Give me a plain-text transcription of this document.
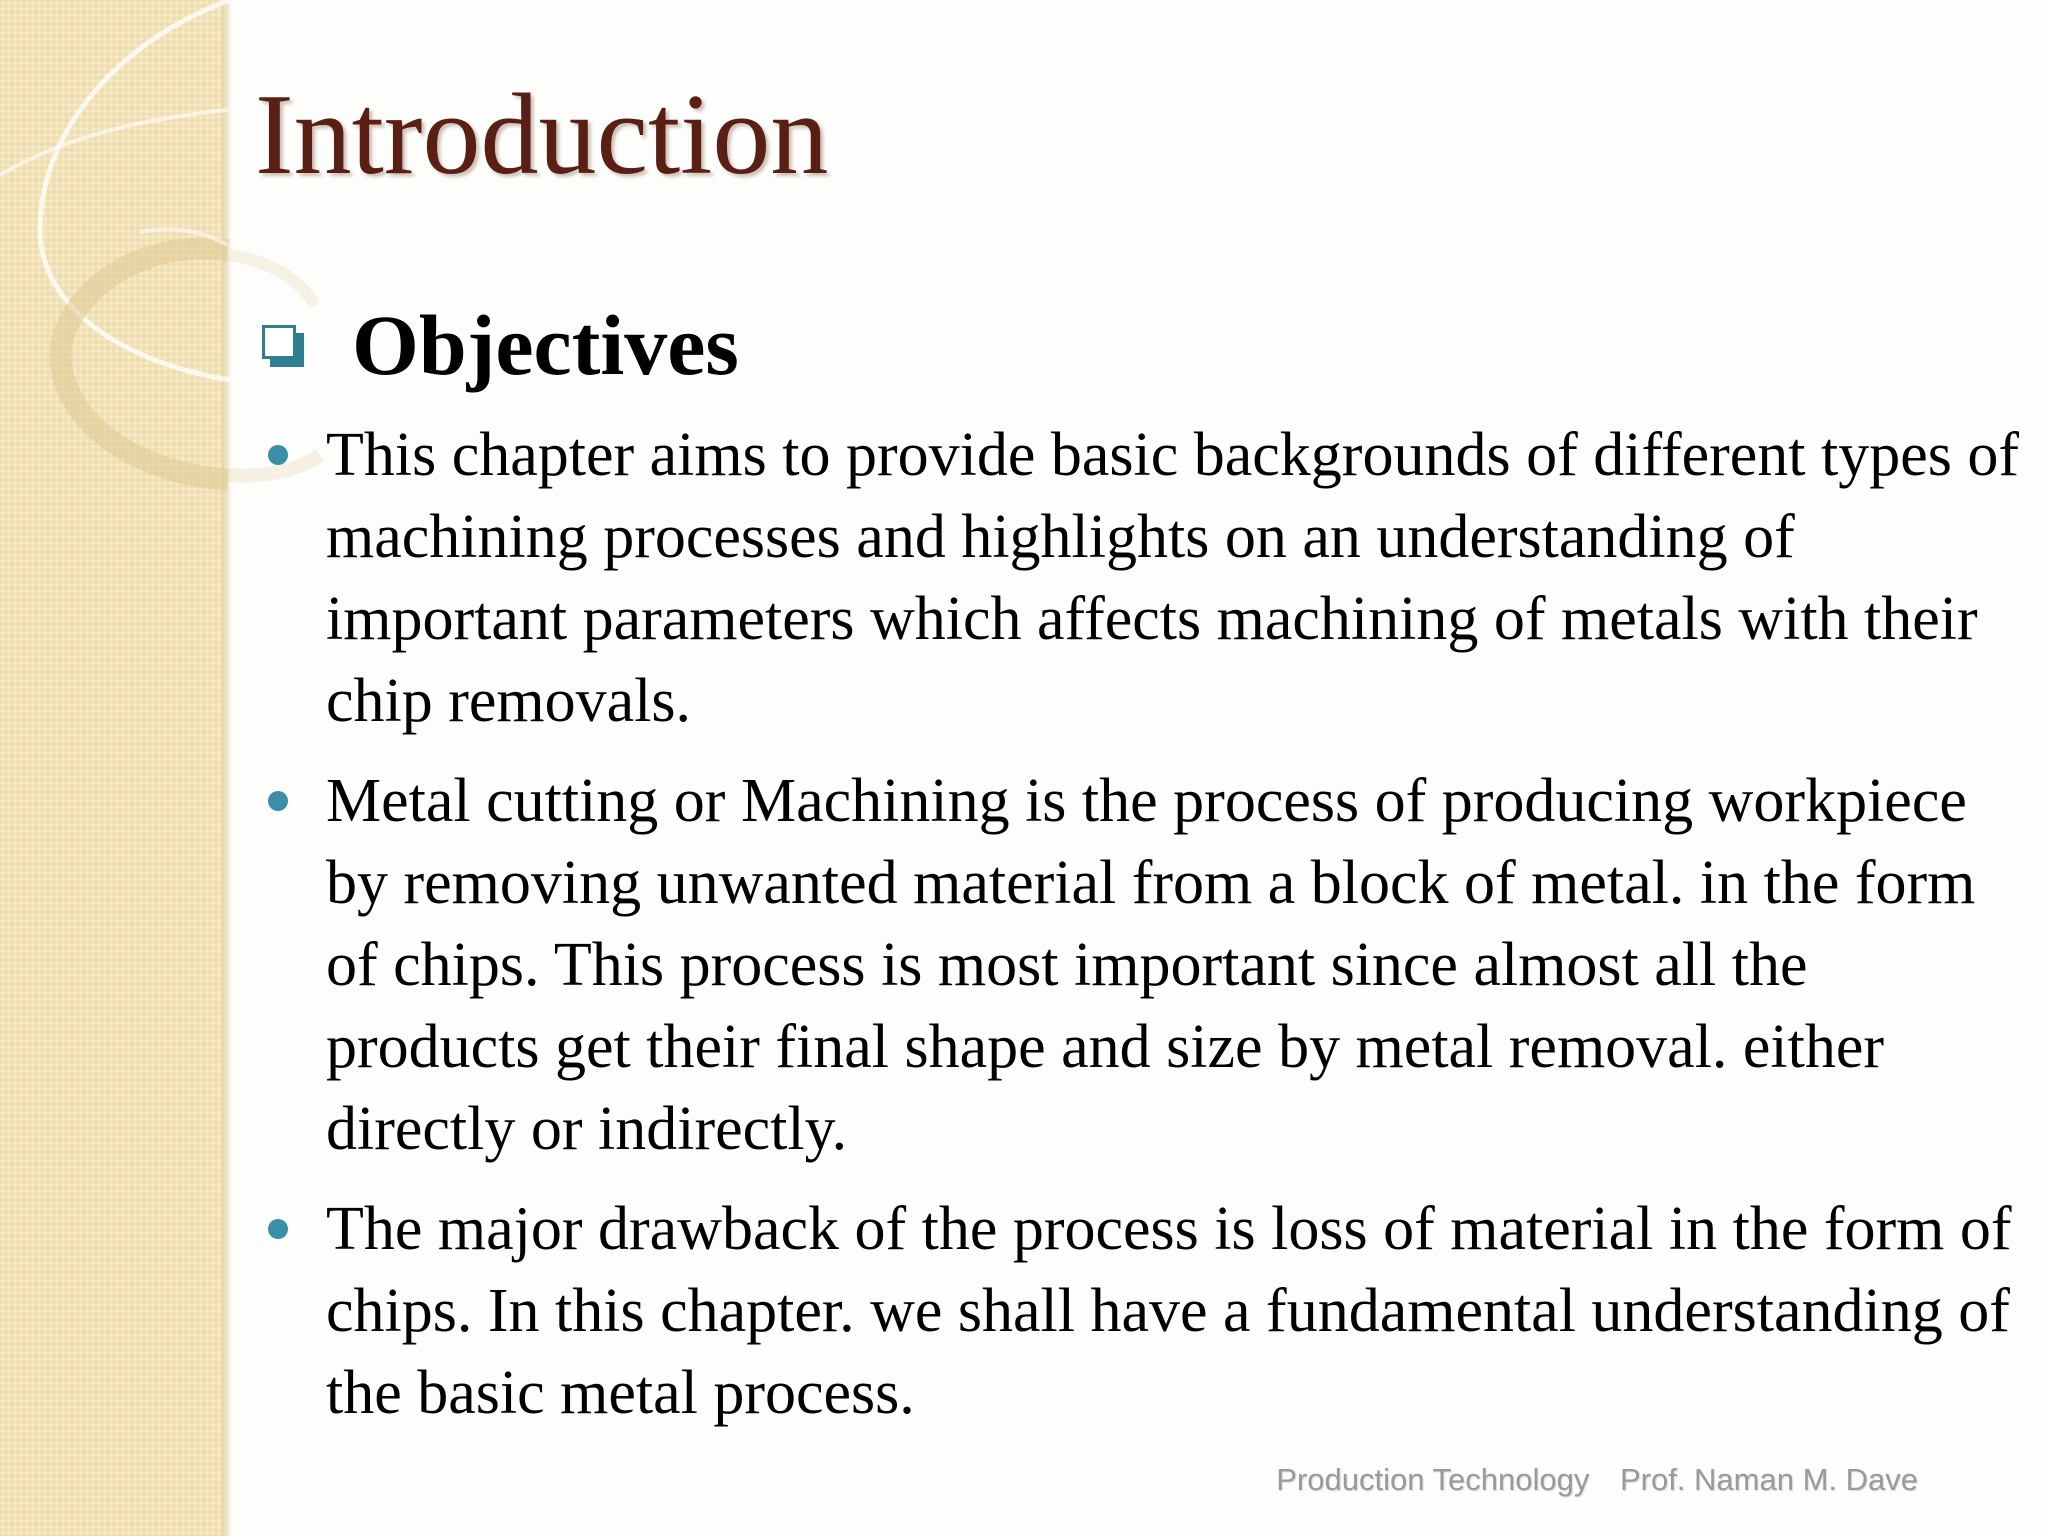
Introduction
Objectives
This chapter aims to provide basic backgrounds of different types of machining processes and highlights on an understanding of important parameters which affects machining of metals with their chip removals.
Metal cutting or Machining is the process of producing workpiece by removing unwanted material from a block of metal. in the form of chips. This process is most important since almost all the products get their final shape and size by metal removal. either directly or indirectly.
The major drawback of the process is loss of material in the form of chips. In this chapter. we shall have a fundamental understanding of the basic metal process.
Production Technology Prof. Naman M. Dave
